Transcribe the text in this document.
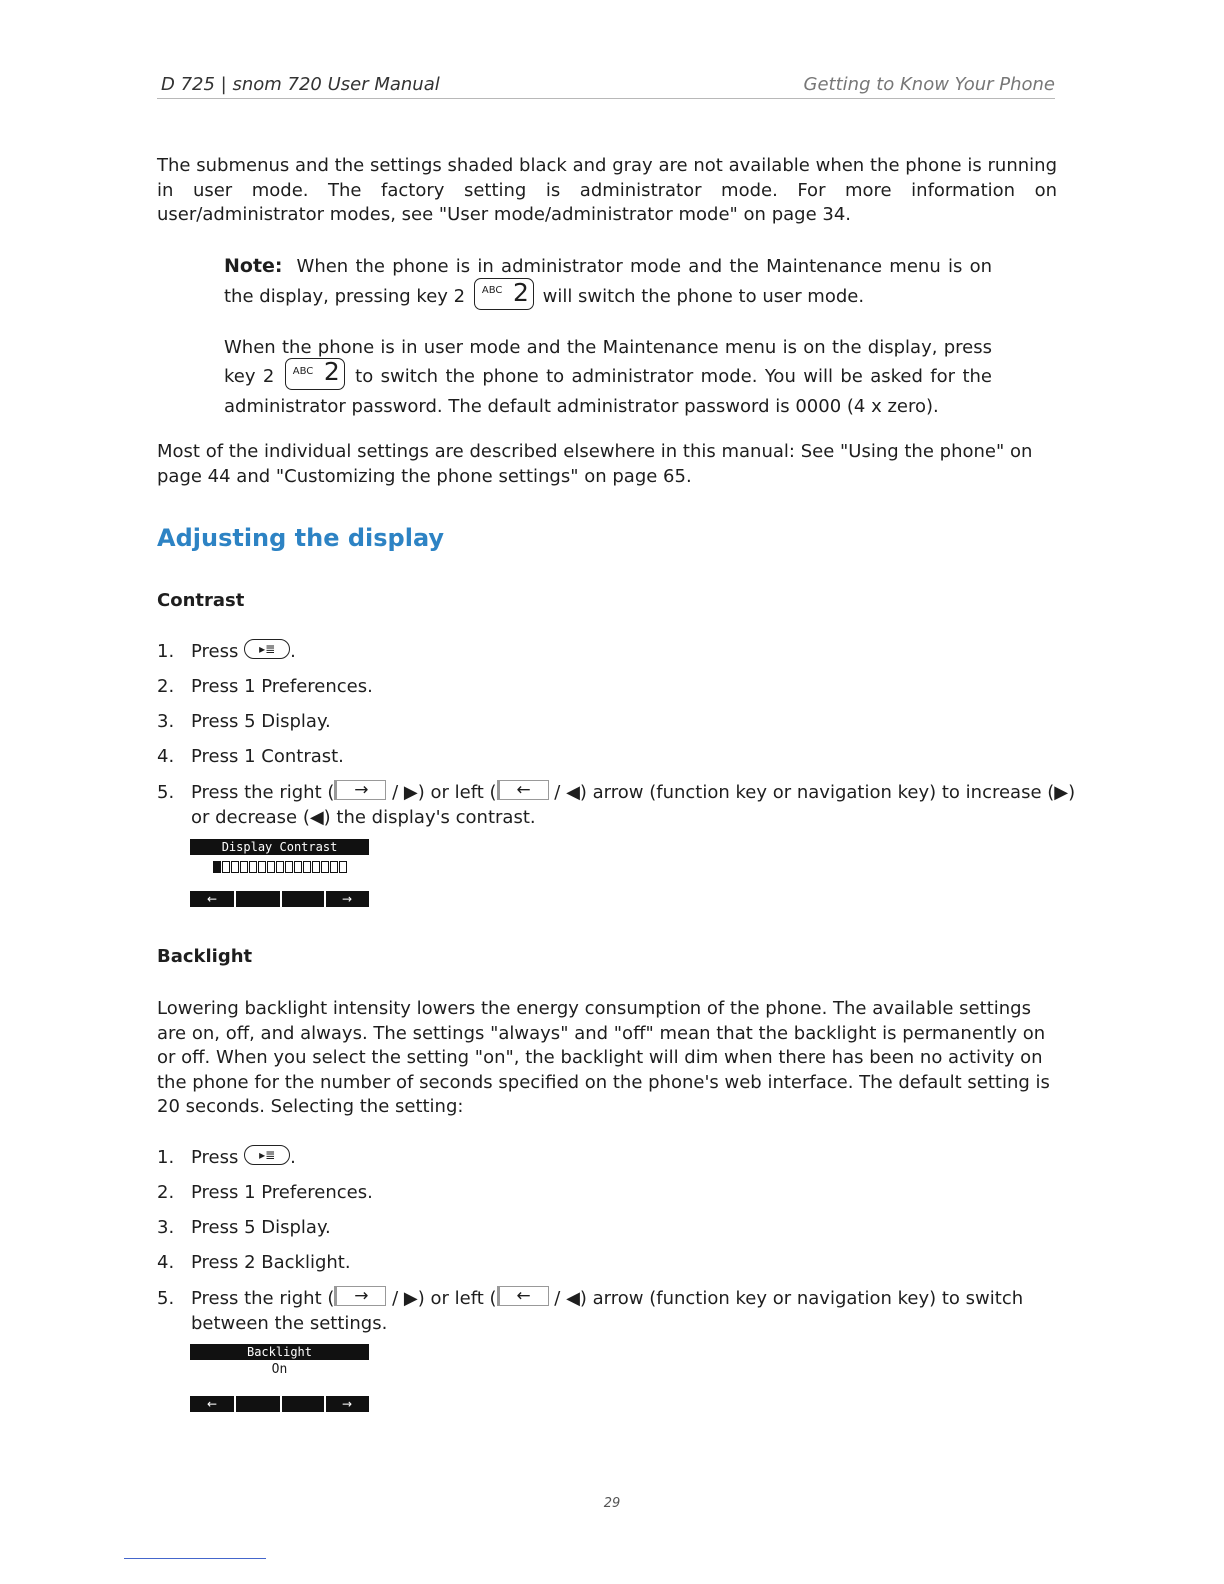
D 725 | snom 720 User Manual	Getting to Know Your Phone
The submenus and the settings shaded black and gray are not available when the phone is running in user mode. The factory setting is administrator mode. For more information on user/administrator modes, see "User mode/administrator mode" on page 34.
Note: When the phone is in administrator mode and the Maintenance menu is on the display, pressing key 2 ABC 2 will switch the phone to user mode.
When the phone is in user mode and the Maintenance menu is on the display, press key 2 ABC 2 to switch the phone to administrator mode. You will be asked for the administrator password. The default administrator password is 0000 (4 x zero).
Most of the individual settings are described elsewhere in this manual: See "Using the phone" on page 44 and "Customizing the phone settings" on page 65.
Adjusting the display
Contrast
1. Press ▸≣ .
2. Press 1 Preferences.
3. Press 5 Display.
4. Press 1 Contrast.
5. Press the right ( → / ▶) or left ( ← / ◀) arrow (function key or navigation key) to increase (▶)
or decrease (◀) the display's contrast.
Display Contrast
←	→
Backlight
Lowering backlight intensity lowers the energy consumption of the phone. The available settings are on, off, and always. The settings "always" and "off" mean that the backlight is permanently on or off. When you select the setting "on", the backlight will dim when there has been no activity on the phone for the number of seconds specified on the phone's web interface. The default setting is 20 seconds. Selecting the setting:
1. Press ▸≣ .
2. Press 1 Preferences.
3. Press 5 Display.
4. Press 2 Backlight.
5. Press the right ( → / ▶) or left ( ← / ◀) arrow (function key or navigation key) to switch
between the settings.
Backlight
On
←	→
29
